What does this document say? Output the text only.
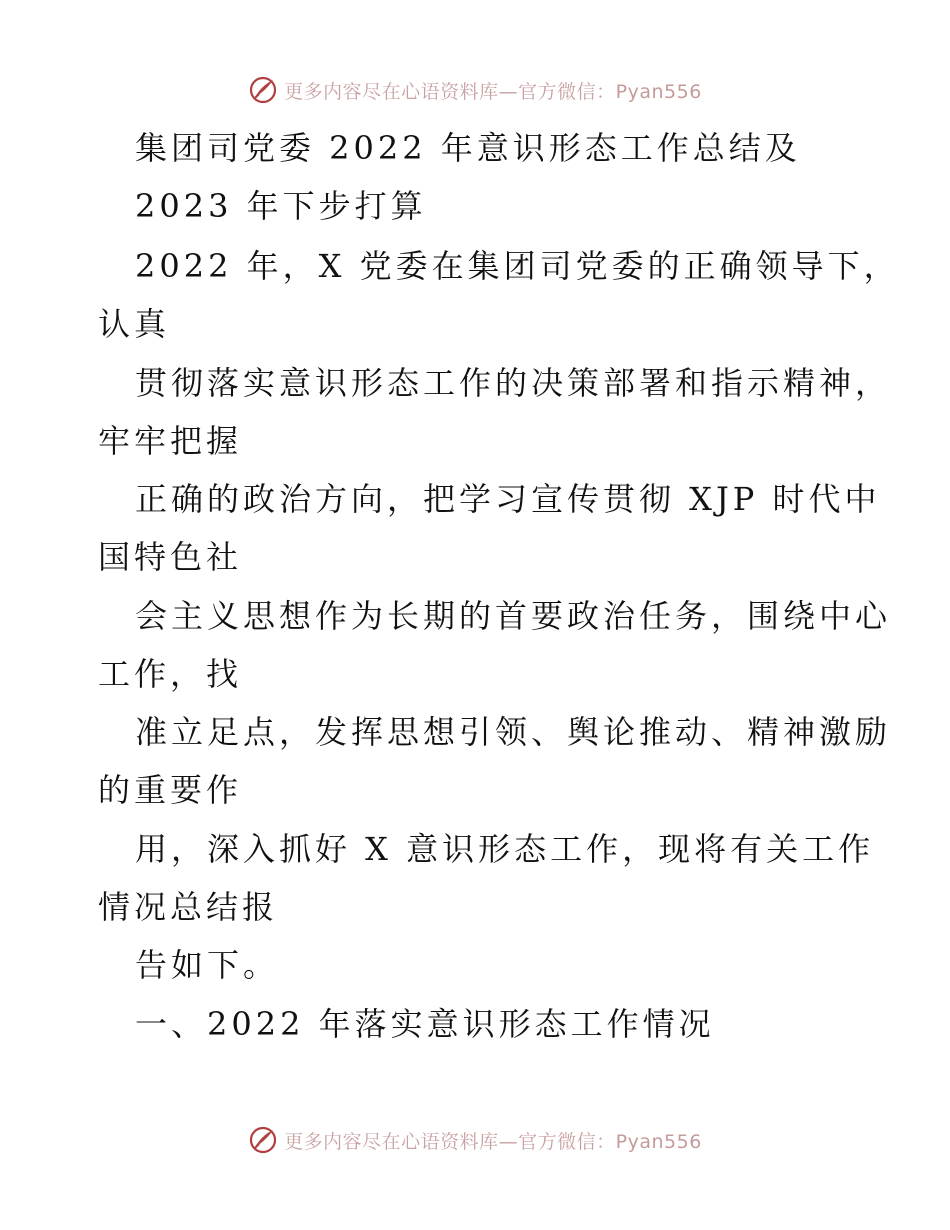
更多内容尽在心语资料库—官方微信：Pyan556
集团司党委 2022 年意识形态工作总结及
2023 年下步打算
2022 年，X 党委在集团司党委的正确领导下，
认真
贯彻落实意识形态工作的决策部署和指示精神，
牢牢把握
正确的政治方向，把学习宣传贯彻 XJP 时代中
国特色社
会主义思想作为长期的首要政治任务，围绕中心
工作，找
准立足点，发挥思想引领、舆论推动、精神激励
的重要作
用，深入抓好 X 意识形态工作，现将有关工作
情况总结报
告如下。
一、2022 年落实意识形态工作情况
更多内容尽在心语资料库—官方微信：Pyan556
